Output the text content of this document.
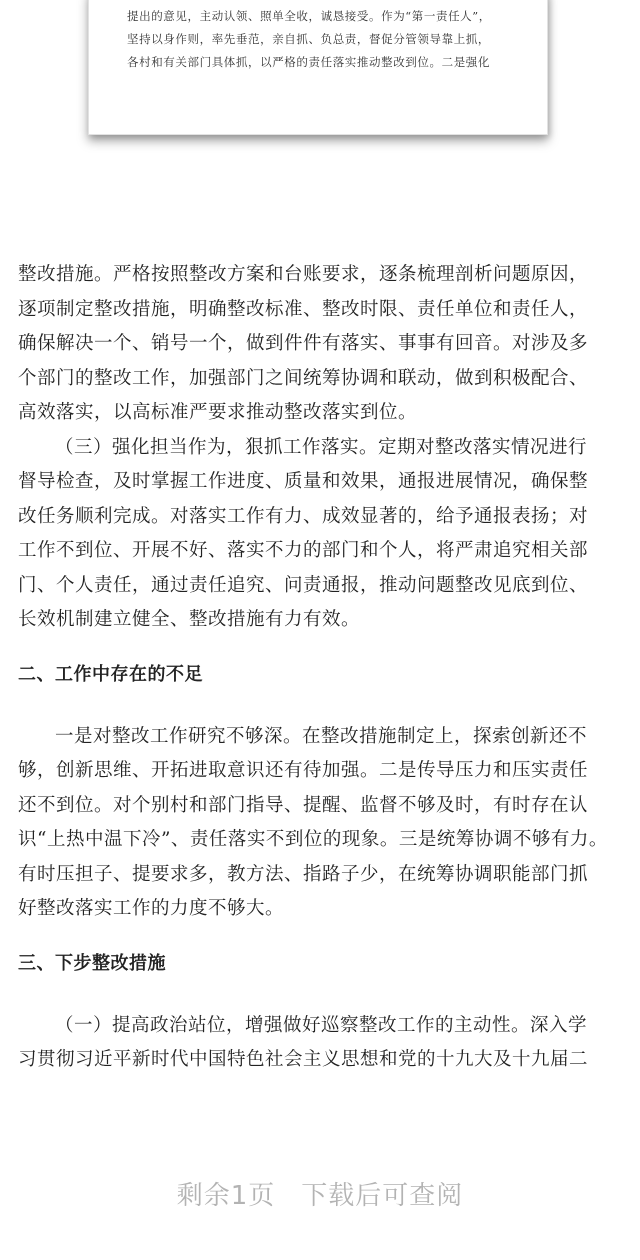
提出的意见，主动认领、照单全收，诚恳接受。作为“第一责任人”，
坚持以身作则，率先垂范，亲自抓、负总责，督促分管领导靠上抓，
各村和有关部门具体抓，以严格的责任落实推动整改到位。二是强化
整改措施。严格按照整改方案和台账要求，逐条梳理剖析问题原因，
逐项制定整改措施，明确整改标准、整改时限、责任单位和责任人，
确保解决一个、销号一个，做到件件有落实、事事有回音。对涉及多
个部门的整改工作，加强部门之间统筹协调和联动，做到积极配合、
高效落实，以高标准严要求推动整改落实到位。
（三）强化担当作为，狠抓工作落实。定期对整改落实情况进行
督导检查，及时掌握工作进度、质量和效果，通报进展情况，确保整
改任务顺利完成。对落实工作有力、成效显著的，给予通报表扬；对
工作不到位、开展不好、落实不力的部门和个人，将严肃追究相关部
门、个人责任，通过责任追究、问责通报，推动问题整改见底到位、
长效机制建立健全、整改措施有力有效。
二、工作中存在的不足
一是对整改工作研究不够深。在整改措施制定上，探索创新还不
够，创新思维、开拓进取意识还有待加强。二是传导压力和压实责任
还不到位。对个别村和部门指导、提醒、监督不够及时，有时存在认
识“上热中温下冷”、责任落实不到位的现象。三是统筹协调不够有力。
有时压担子、提要求多，教方法、指路子少，在统筹协调职能部门抓
好整改落实工作的力度不够大。
三、下步整改措施
（一）提高政治站位，增强做好巡察整改工作的主动性。深入学
习贯彻习近平新时代中国特色社会主义思想和党的十九大及十九届二
剩余1页 下载后可查阅
